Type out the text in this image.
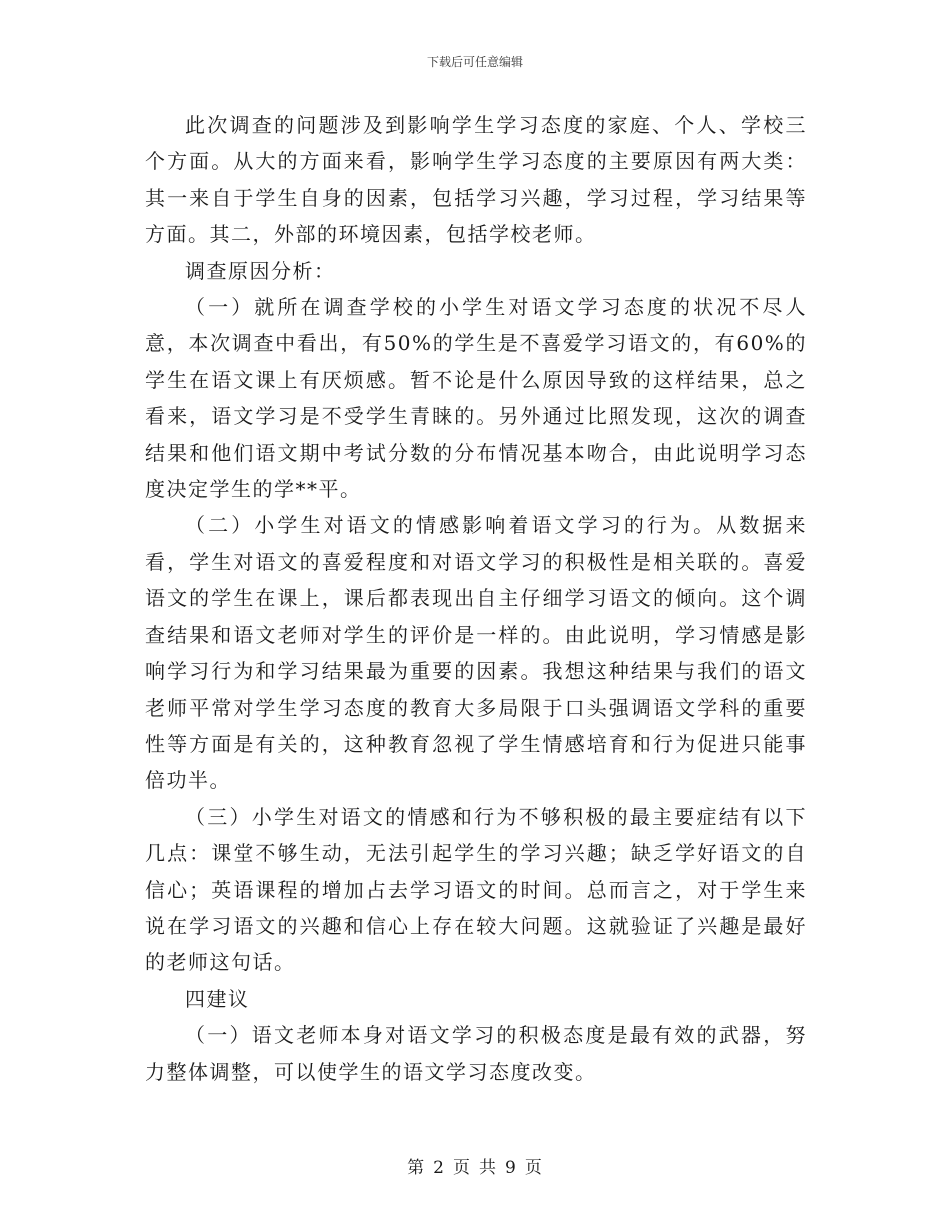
下载后可任意编辑

此次调查的问题涉及到影响学生学习态度的家庭、个人、学校三个方面。从大的方面来看，影响学生学习态度的主要原因有两大类：其一来自于学生自身的因素，包括学习兴趣，学习过程，学习结果等方面。其二，外部的环境因素，包括学校老师。

调查原因分析：

（一）就所在调查学校的小学生对语文学习态度的状况不尽人意，本次调查中看出，有50%的学生是不喜爱学习语文的，有60%的学生在语文课上有厌烦感。暂不论是什么原因导致的这样结果，总之看来，语文学习是不受学生青睐的。另外通过比照发现，这次的调查结果和他们语文期中考试分数的分布情况基本吻合，由此说明学习态度决定学生的学**平。

（二）小学生对语文的情感影响着语文学习的行为。从数据来看，学生对语文的喜爱程度和对语文学习的积极性是相关联的。喜爱语文的学生在课上，课后都表现出自主仔细学习语文的倾向。这个调查结果和语文老师对学生的评价是一样的。由此说明，学习情感是影响学习行为和学习结果最为重要的因素。我想这种结果与我们的语文老师平常对学生学习态度的教育大多局限于口头强调语文学科的重要性等方面是有关的，这种教育忽视了学生情感培育和行为促进只能事倍功半。

（三）小学生对语文的情感和行为不够积极的最主要症结有以下几点：课堂不够生动，无法引起学生的学习兴趣；缺乏学好语文的自信心；英语课程的增加占去学习语文的时间。总而言之，对于学生来说在学习语文的兴趣和信心上存在较大问题。这就验证了兴趣是最好的老师这句话。

四建议

（一）语文老师本身对语文学习的积极态度是最有效的武器，努力整体调整，可以使学生的语文学习态度改变。

第 2 页 共 9 页
